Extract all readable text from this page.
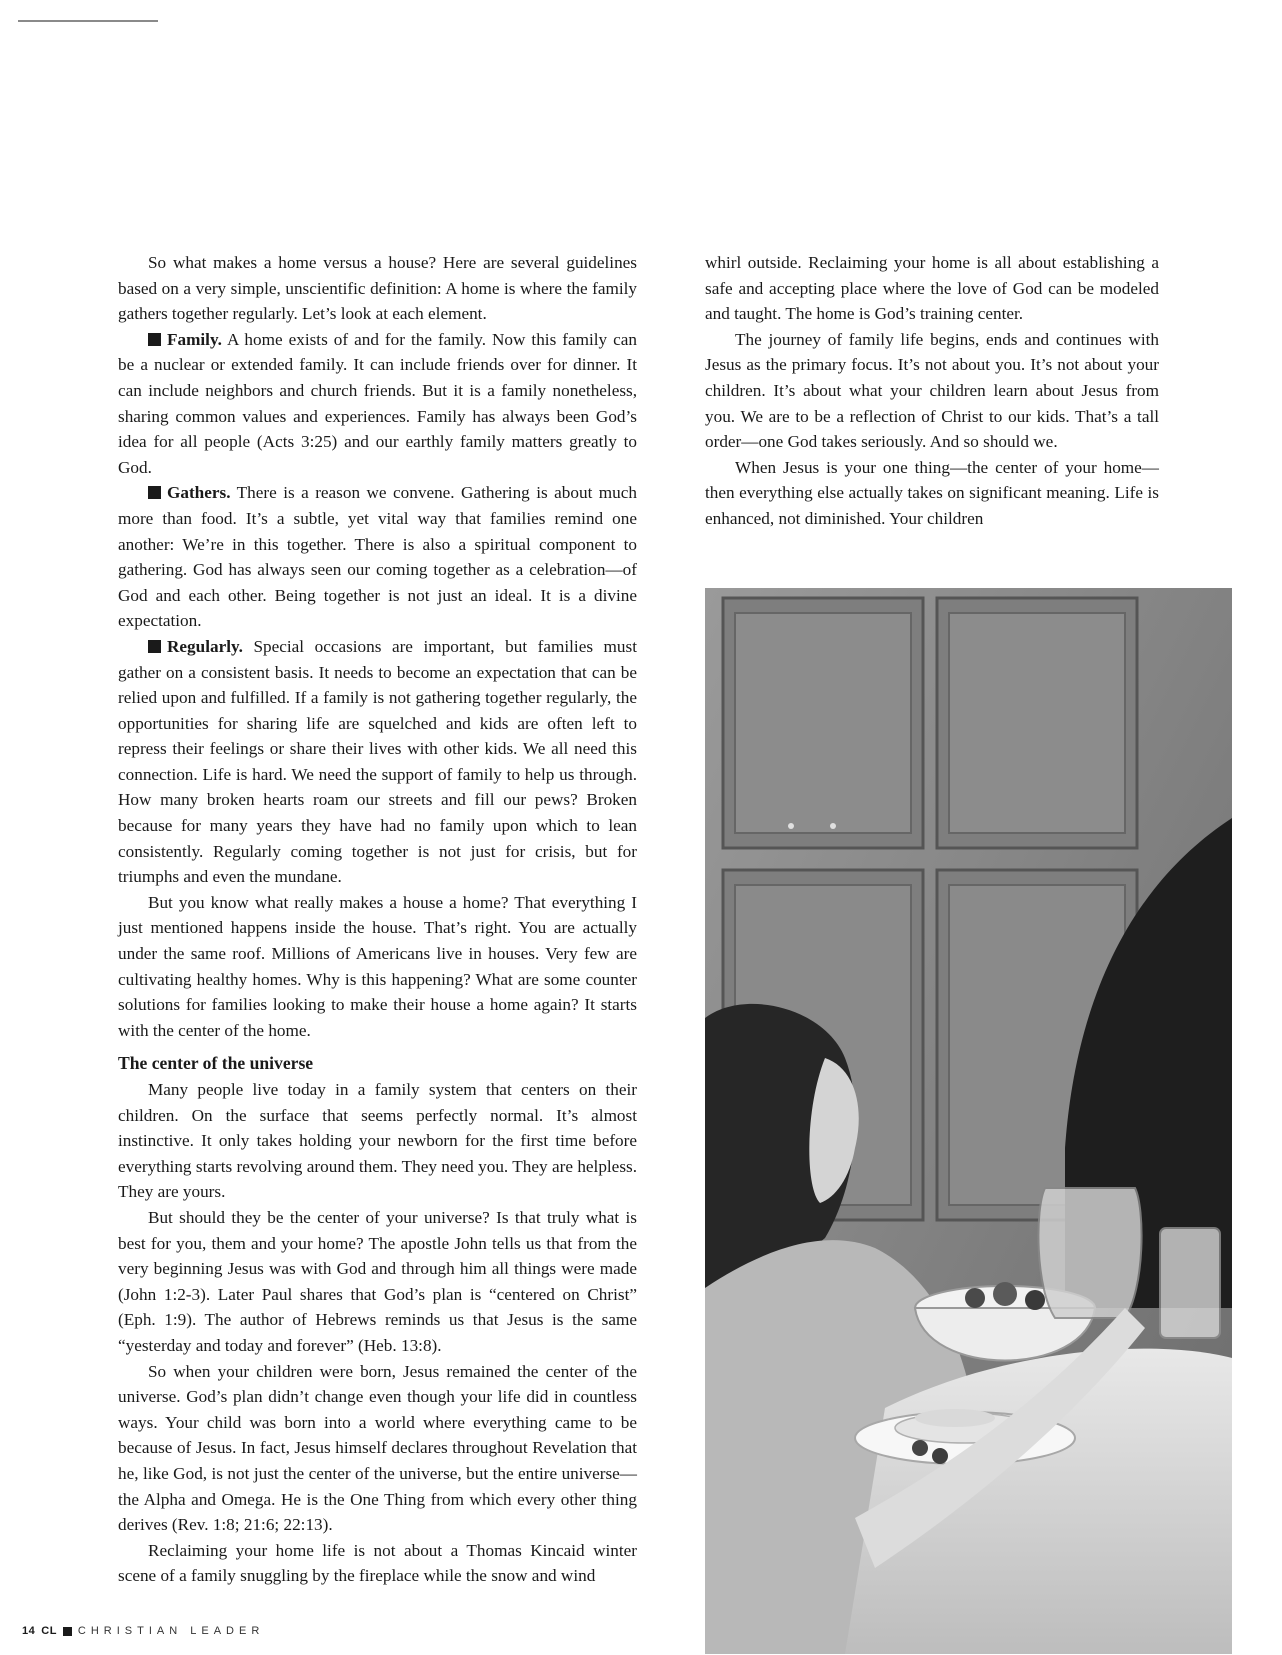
So what makes a home versus a house? Here are several guidelines based on a very simple, unscientific definition: A home is where the family gathers together regularly. Let’s look at each element.

Family. A home exists of and for the family. Now this family can be a nuclear or extended family. It can include friends over for dinner. It can include neighbors and church friends. But it is a family nonetheless, sharing common values and experiences. Family has always been God’s idea for all people (Acts 3:25) and our earthly family matters greatly to God.

Gathers. There is a reason we convene. Gathering is about much more than food. It’s a subtle, yet vital way that families remind one another: We’re in this together. There is also a spiritual component to gathering. God has always seen our coming together as a celebration—of God and each other. Being together is not just an ideal. It is a divine expectation.

Regularly. Special occasions are important, but families must gather on a consistent basis. It needs to become an expectation that can be relied upon and fulfilled. If a family is not gathering together regularly, the opportunities for sharing life are squelched and kids are often left to repress their feelings or share their lives with other kids. We all need this connection. Life is hard. We need the support of family to help us through. How many broken hearts roam our streets and fill our pews? Broken because for many years they have had no family upon which to lean consistently. Regularly coming together is not just for crisis, but for triumphs and even the mundane.

But you know what really makes a house a home? That everything I just mentioned happens inside the house. That’s right. You are actually under the same roof. Millions of Americans live in houses. Very few are cultivating healthy homes. Why is this happening? What are some counter solutions for families looking to make their house a home again? It starts with the center of the home.

The center of the universe

Many people live today in a family system that centers on their children. On the surface that seems perfectly normal. It’s almost instinctive. It only takes holding your newborn for the first time before everything starts revolving around them. They need you. They are helpless. They are yours.

But should they be the center of your universe? Is that truly what is best for you, them and your home? The apostle John tells us that from the very beginning Jesus was with God and through him all things were made (John 1:2-3). Later Paul shares that God’s plan is “centered on Christ” (Eph. 1:9). The author of Hebrews reminds us that Jesus is the same “yesterday and today and forever” (Heb. 13:8).

So when your children were born, Jesus remained the center of the universe. God’s plan didn’t change even though your life did in countless ways. Your child was born into a world where everything came to be because of Jesus. In fact, Jesus himself declares throughout Revelation that he, like God, is not just the center of the universe, but the entire universe—the Alpha and Omega. He is the One Thing from which every other thing derives (Rev. 1:8; 21:6; 22:13).

Reclaiming your home life is not about a Thomas Kincaid winter scene of a family snuggling by the fireplace while the snow and wind

whirl outside. Reclaiming your home is all about establishing a safe and accepting place where the love of God can be modeled and taught. The home is God’s training center.

The journey of family life begins, ends and continues with Jesus as the primary focus. It’s not about you. It’s not about your children. It’s about what your children learn about Jesus from you. We are to be a reflection of Christ to our kids. That’s a tall order—one God takes seriously. And so should we.

When Jesus is your one thing—the center of your home—then everything else actually takes on significant meaning. Life is enhanced, not diminished. Your children

14 CL CHRISTIAN LEADER
